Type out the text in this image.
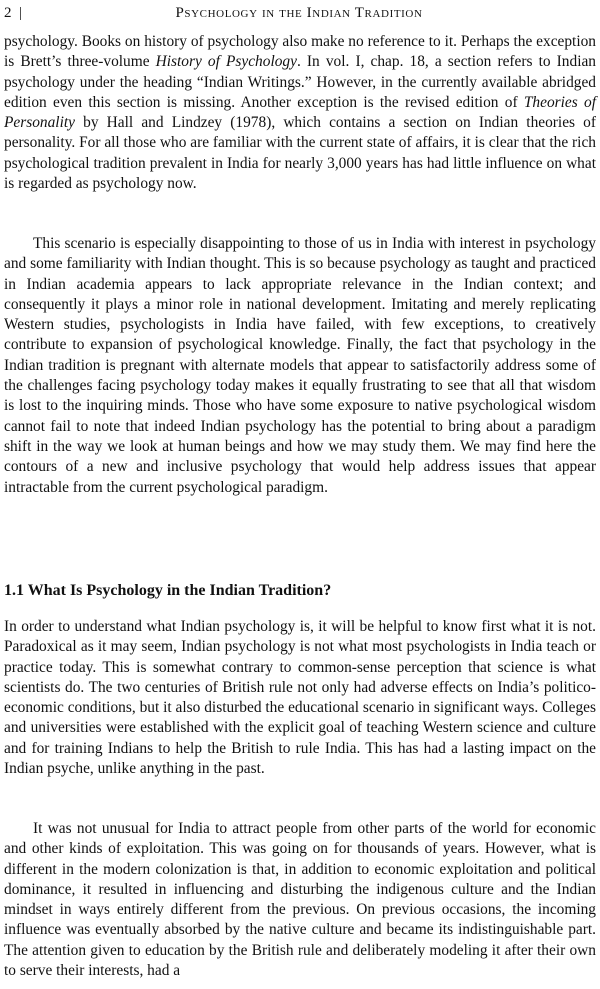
2 |	Psychology in the Indian Tradition

psychology. Books on history of psychology also make no reference to it. Perhaps the exception is Brett’s three-volume History of Psychology. In vol. I, chap. 18, a section refers to Indian psychology under the heading “Indian Writings.” However, in the currently available abridged edition even this section is missing. Another exception is the revised edition of Theories of Personality by Hall and Lindzey (1978), which contains a section on Indian theories of personality. For all those who are familiar with the current state of affairs, it is clear that the rich psychological tradition prevalent in India for nearly 3,000 years has had little influence on what is regarded as psychology now.

This scenario is especially disappointing to those of us in India with interest in psychology and some familiarity with Indian thought. This is so because psychology as taught and practiced in Indian academia appears to lack appropriate relevance in the Indian context; and consequently it plays a minor role in national development. Imitating and merely replicating Western studies, psychologists in India have failed, with few exceptions, to creatively contribute to expansion of psychological knowledge. Finally, the fact that psychology in the Indian tradition is pregnant with alternate models that appear to satisfactorily address some of the challenges facing psychology today makes it equally frustrating to see that all that wisdom is lost to the inquiring minds. Those who have some exposure to native psychological wisdom cannot fail to note that indeed Indian psychology has the potential to bring about a paradigm shift in the way we look at human beings and how we may study them. We may find here the contours of a new and inclusive psychology that would help address issues that appear intractable from the current psychological paradigm.

1.1 What Is Psychology in the Indian Tradition?

In order to understand what Indian psychology is, it will be helpful to know first what it is not. Paradoxical as it may seem, Indian psychology is not what most psychologists in India teach or practice today. This is somewhat contrary to common-sense perception that science is what scientists do. The two centuries of British rule not only had adverse effects on India’s politico-economic conditions, but it also disturbed the educational scenario in significant ways. Colleges and universities were established with the explicit goal of teaching Western science and culture and for training Indians to help the British to rule India. This has had a lasting impact on the Indian psyche, unlike anything in the past.

It was not unusual for India to attract people from other parts of the world for economic and other kinds of exploitation. This was going on for thousands of years. However, what is different in the modern colonization is that, in addition to economic exploitation and political dominance, it resulted in influencing and disturbing the indigenous culture and the Indian mindset in ways entirely different from the previous. On previous occasions, the incoming influence was eventually absorbed by the native culture and became its indistinguishable part. The attention given to education by the British rule and deliberately modeling it after their own to serve their interests, had a
